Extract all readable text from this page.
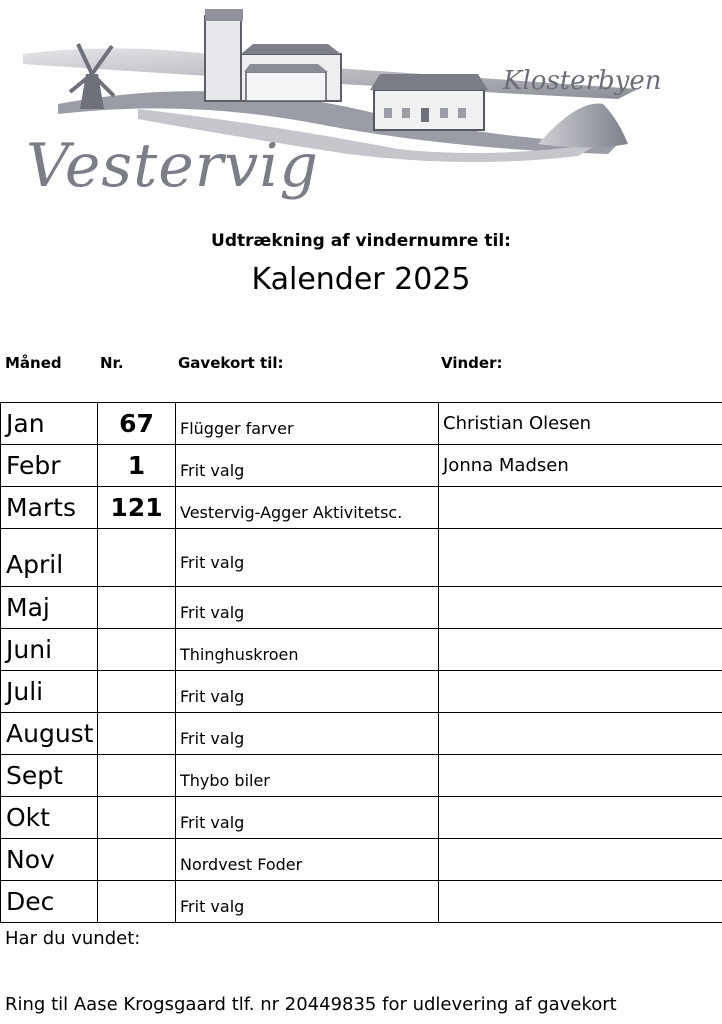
Klosterbyen
Vestervig
Udtrækning af vindernumre til:
Kalender 2025
Måned	Nr.	Gavekort til:	Vinder:
Jan	67	Flügger farver	Christian Olesen
Febr	1	Frit valg	Jonna Madsen
Marts	121	Vestervig-Agger Aktivitetsc.	
April		Frit valg	
Maj		Frit valg	
Juni		Thinghuskroen	
Juli		Frit valg	
August		Frit valg	
Sept		Thybo biler	
Okt		Frit valg	
Nov		Nordvest Foder	
Dec		Frit valg	
Har du vundet:
Ring til Aase Krogsgaard tlf. nr 20449835 for udlevering af gavekort
